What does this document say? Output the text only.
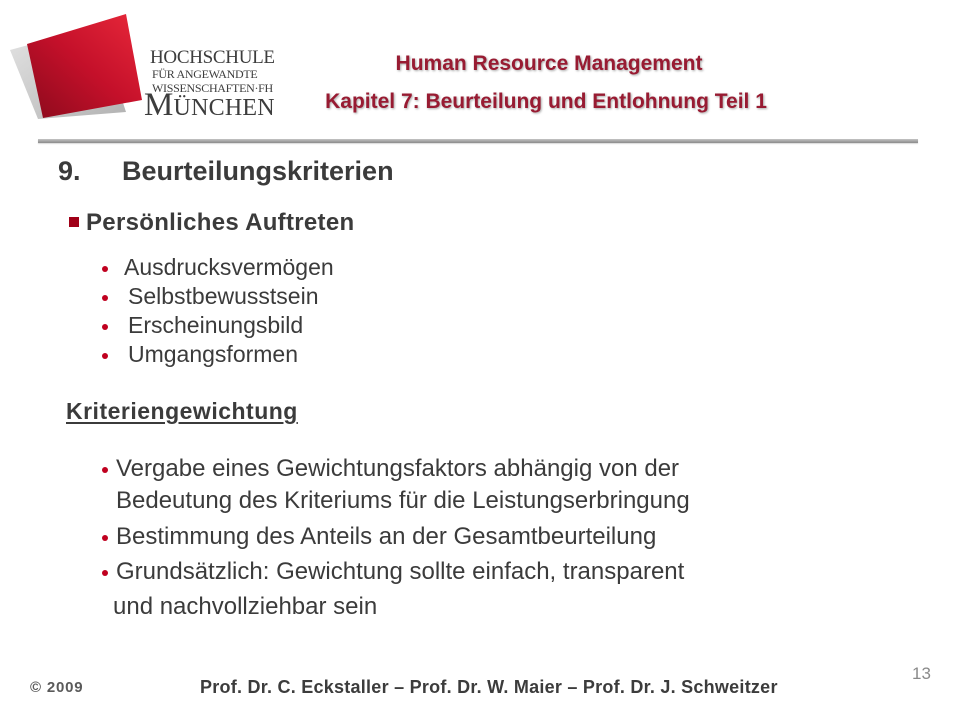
HOCHSCHULE
FÜR ANGEWANDTE
WISSENSCHAFTEN·FH
MÜNCHEN
Human Resource Management
Kapitel 7: Beurteilung und Entlohnung Teil 1
9. Beurteilungskriterien
Persönliches Auftreten
Ausdrucksvermögen
Selbstbewusstsein
Erscheinungsbild
Umgangsformen
Kriteriengewichtung
Vergabe eines Gewichtungsfaktors abhängig von der
Bedeutung des Kriteriums für die Leistungserbringung
Bestimmung des Anteils an der Gesamtbeurteilung
Grundsätzlich: Gewichtung sollte einfach, transparent
und nachvollziehbar sein
© 2009	Prof. Dr. C. Eckstaller – Prof. Dr. W. Maier – Prof. Dr. J. Schweitzer
13
